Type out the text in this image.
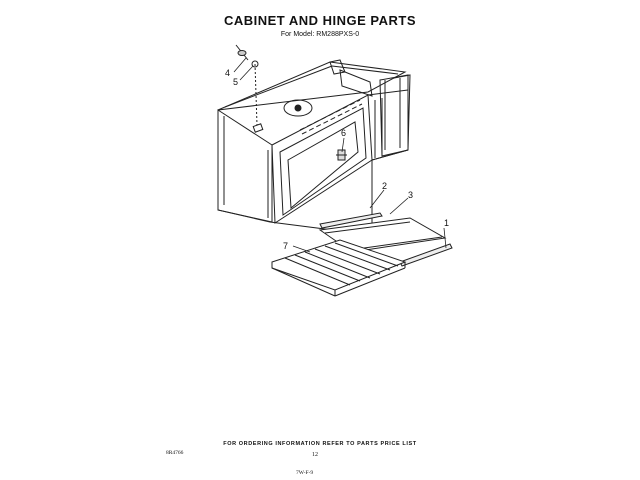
CABINET AND HINGE PARTS
For Model: RM288PXS-0
1
2
3
4
5
6
7
FOR ORDERING INFORMATION REFER TO PARTS PRICE LIST
8R4766	12
7W-F-9
